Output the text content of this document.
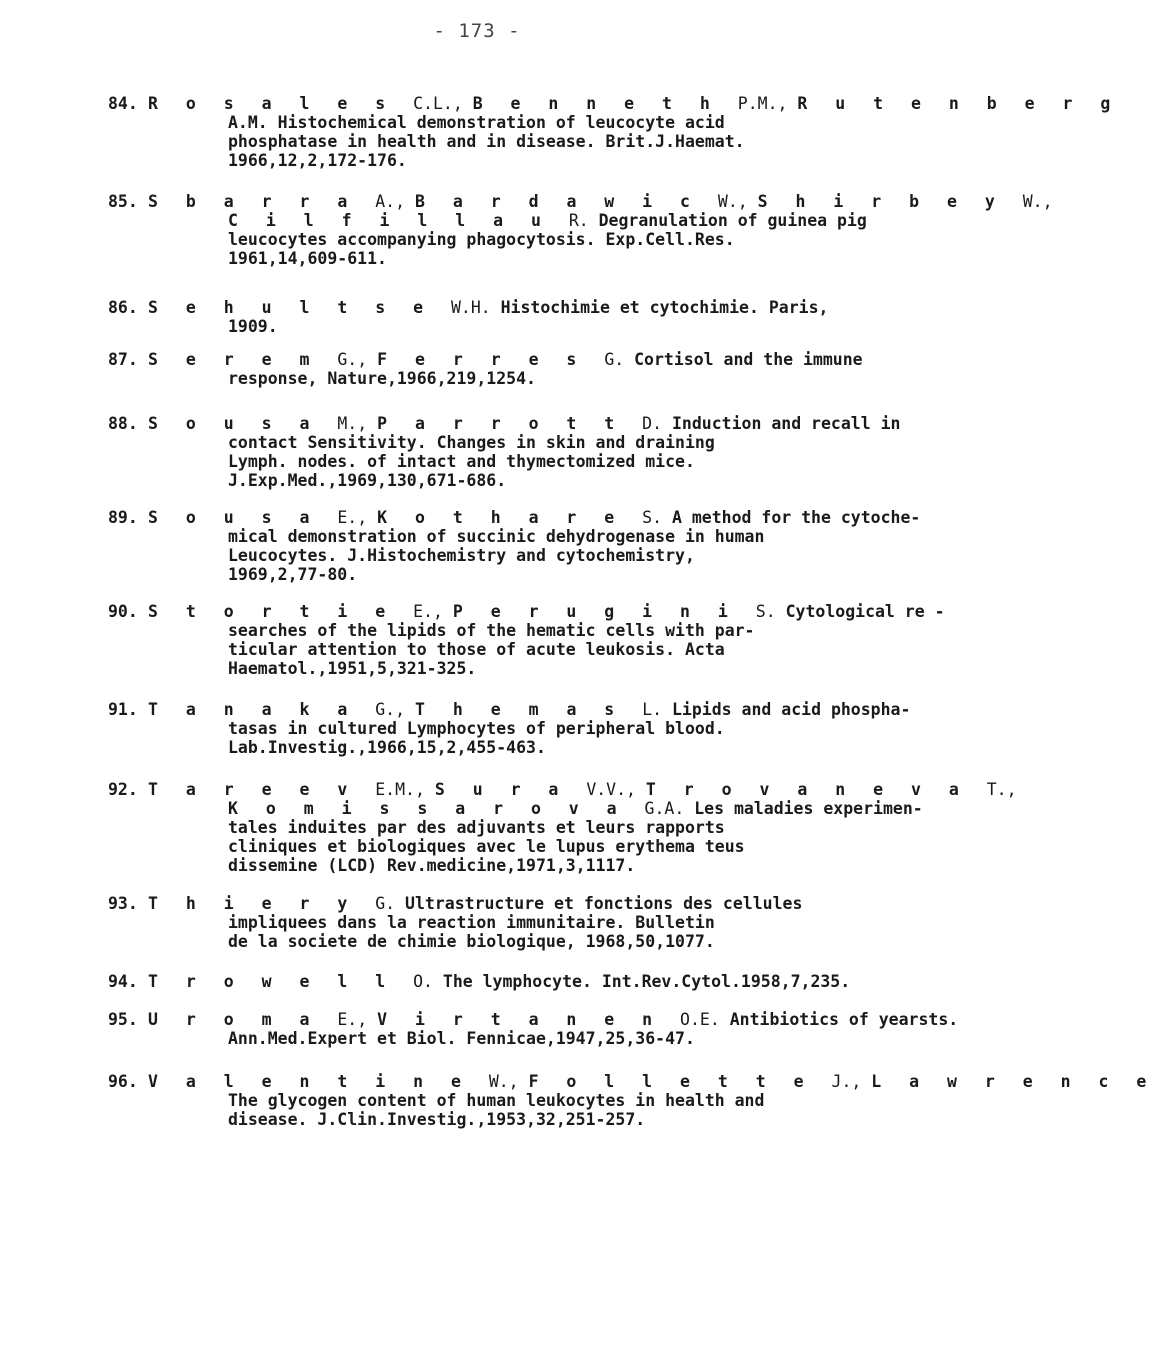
- 173 -
84. R o s a l e s C.L., B e n n e t h P.M., R u t e n b e r g
A.M. Histochemical demonstration of leucocyte acid
phosphatase in health and in disease. Brit.J.Haemat.
1966,12,2,172-176.
85. S b a r r a A., B a r d a w i c W., S h i r b e y W.,
C i l f i l l a u R. Degranulation of guinea pig
leucocytes accompanying phagocytosis. Exp.Cell.Res.
1961,14,609-611.
86. S e h u l t s e W.H. Histochimie et cytochimie. Paris,
1909.
87. S e r e m G., F e r r e s G. Cortisol and the immune
response, Nature,1966,219,1254.
88. S o u s a M., P a r r o t t D. Induction and recall in
contact Sensitivity. Changes in skin and draining
Lymph. nodes. of intact and thymectomized mice.
J.Exp.Med.,1969,130,671-686.
89. S o u s a E., K o t h a r e S. A method for the cytoche-
mical demonstration of succinic dehydrogenase in human
Leucocytes. J.Histochemistry and cytochemistry,
1969,2,77-80.
90. S t o r t i e E., P e r u g i n i S. Cytological re -
searches of the lipids of the hematic cells with par-
ticular attention to those of acute leukosis. Acta
Haematol.,1951,5,321-325.
91. T a n a k a G., T h e m a s L. Lipids and acid phospha-
tasas in cultured Lymphocytes of peripheral blood.
Lab.Investig.,1966,15,2,455-463.
92. T a r e e v E.M., S u r a V.V., T r o v a n e v a T.,
K o m i s s a r o v a G.A. Les maladies experimen-
tales induites par des adjuvants et leurs rapports
cliniques et biologiques avec le lupus erythema teus
dissemine (LCD) Rev.medicine,1971,3,1117.
93. T h i e r y G. Ultrastructure et fonctions des cellules
impliquees dans la reaction immunitaire. Bulletin
de la societe de chimie biologique, 1968,50,1077.
94. T r o w e l l O. The lymphocyte. Int.Rev.Cytol.1958,7,235.
95. U r o m a E., V i r t a n e n O.E. Antibiotics of yearsts.
Ann.Med.Expert et Biol. Fenniсae,1947,25,36-47.
96. V a l e n t i n e W., F o l l e t t e J., L a w r e n c e
The glycogen content of human leukocytes in health and
disease. J.Clin.Investig.,1953,32,251-257.
